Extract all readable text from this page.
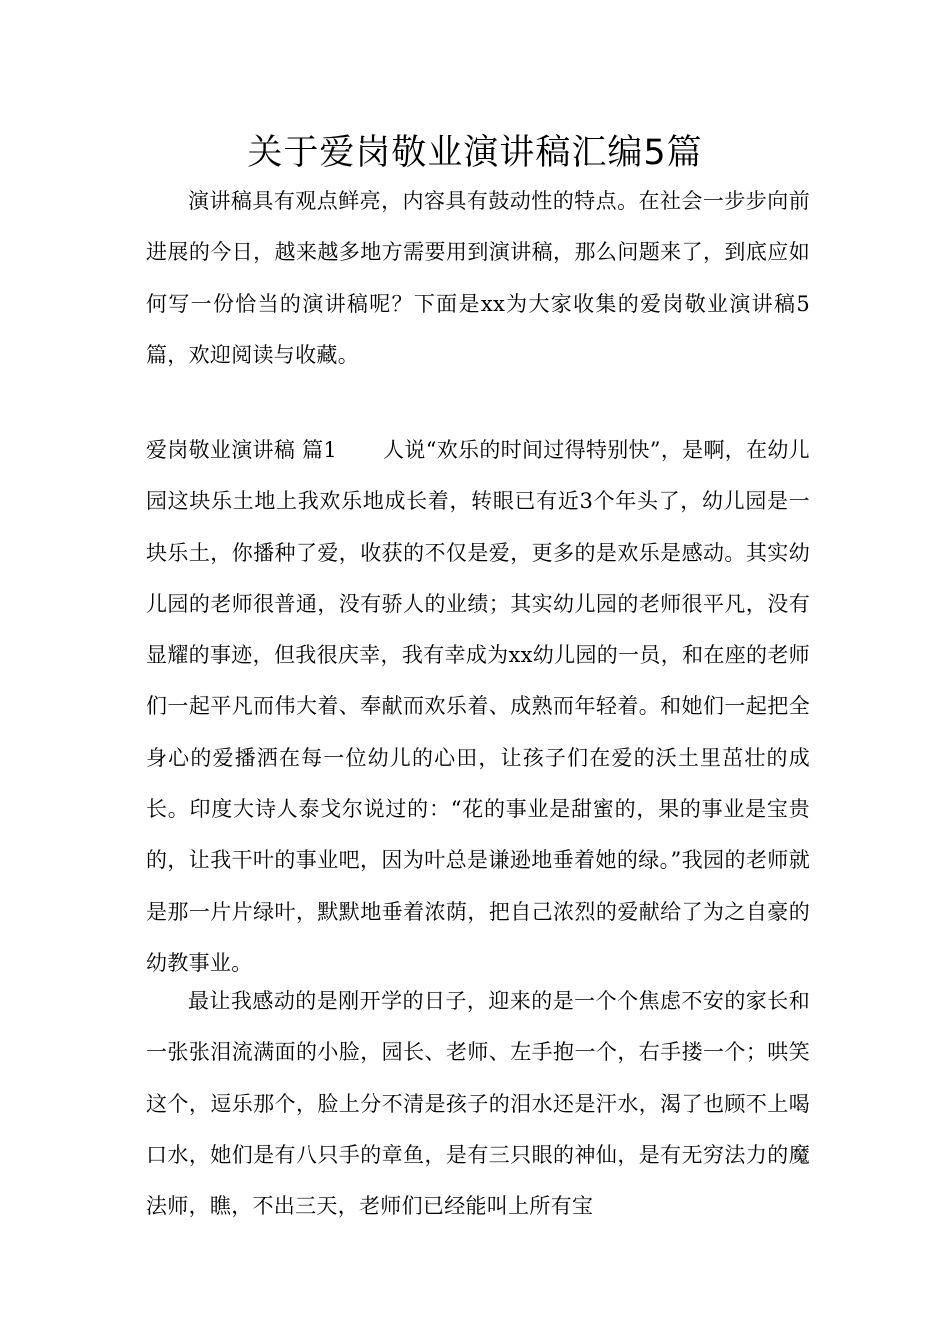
关于爱岗敬业演讲稿汇编5篇

演讲稿具有观点鲜亮，内容具有鼓动性的特点。在社会一步步向前进展的今日，越来越多地方需要用到演讲稿，那么问题来了，到底应如何写一份恰当的演讲稿呢？下面是xx为大家收集的爱岗敬业演讲稿5篇，欢迎阅读与收藏。

爱岗敬业演讲稿 篇1 人说“欢乐的时间过得特别快”，是啊，在幼儿园这块乐土地上我欢乐地成长着，转眼已有近3个年头了，幼儿园是一块乐土，你播种了爱，收获的不仅是爱，更多的是欢乐是感动。其实幼儿园的老师很普通，没有骄人的业绩；其实幼儿园的老师很平凡，没有显耀的事迹，但我很庆幸，我有幸成为xx幼儿园的一员，和在座的老师们一起平凡而伟大着、奉献而欢乐着、成熟而年轻着。和她们一起把全身心的爱播洒在每一位幼儿的心田，让孩子们在爱的沃土里茁壮的成长。印度大诗人泰戈尔说过的：“花的事业是甜蜜的，果的事业是宝贵的，让我干叶的事业吧，因为叶总是谦逊地垂着她的绿。”我园的老师就是那一片片绿叶，默默地垂着浓荫，把自己浓烈的爱献给了为之自豪的幼教事业。

最让我感动的是刚开学的日子，迎来的是一个个焦虑不安的家长和一张张泪流满面的小脸，园长、老师、左手抱一个，右手搂一个；哄笑这个，逗乐那个，脸上分不清是孩子的泪水还是汗水，渴了也顾不上喝口水，她们是有八只手的章鱼，是有三只眼的神仙，是有无穷法力的魔法师，瞧，不出三天，老师们已经能叫上所有宝
